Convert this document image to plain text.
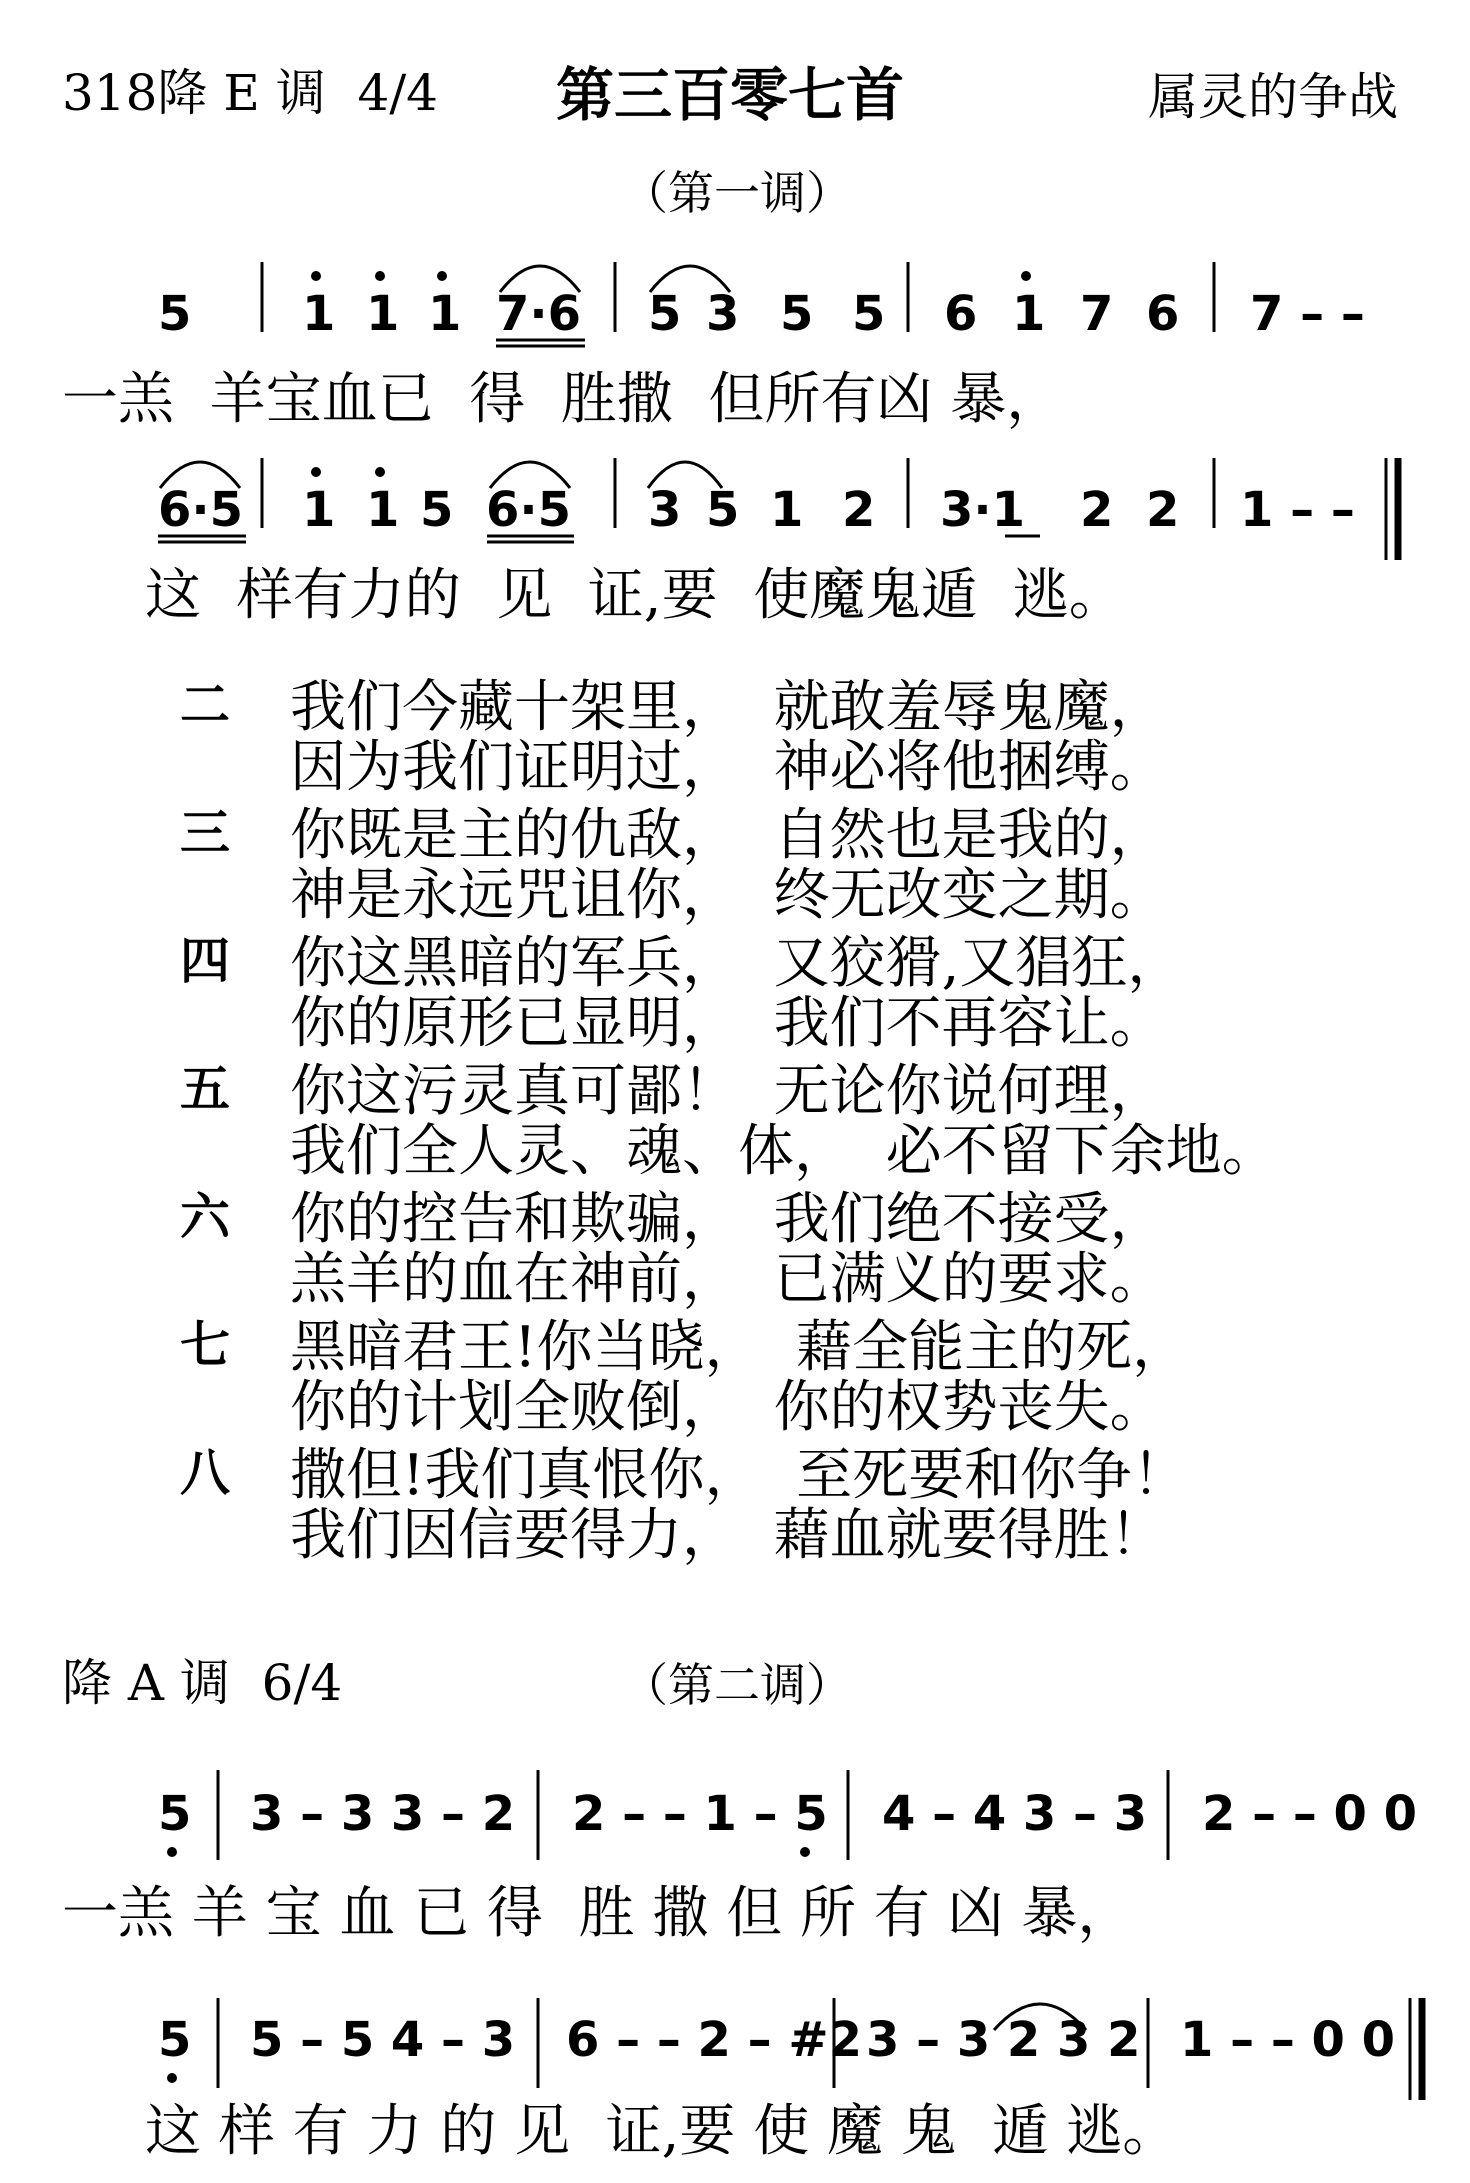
318降 E 调  4/4 第三百零七首	属灵的争战
（第一调）
5 1 1 1 7·6 5 3 5 5 6 1 7 6 7 – –
6·5 1 1 5 6·5 3 5 1 2 3·1 2 2 1 – –
一羔  羊宝血已  得  胜撒  但所有凶 暴，
这  样有力的  见  证,要  使魔鬼遁  逃。
二 我们今藏十架里，  就敢羞辱鬼魔，
因为我们证明过，  神必将他捆缚。
三 你既是主的仇敌，  自然也是我的，
神是永远咒诅你，  终无改变之期。
四 你这黑暗的军兵，  又狡猾,又猖狂，
你的原形已显明，  我们不再容让。
五 你这污灵真可鄙！  无论你说何理，
我们全人灵、魂、体，  必不留下余地。
六 你的控告和欺骗，  我们绝不接受，
羔羊的血在神前，  已满义的要求。
七 黑暗君王!你当晓，  藉全能主的死，
你的计划全败倒，  你的权势丧失。
八 撒但!我们真恨你，  至死要和你争！
我们因信要得力，  藉血就要得胜！
降 A 调  6/4	（第二调）
5 3 – 3 3 – 2 2 – – 1 – 5 4 – 4 3 – 3 2 – – 0 0
5 5 – 5 4 – 3 6 – – 2 – #2 3 – 3 2 3 2 1 – – 0 0
一羔 羊 宝 血 已 得  胜 撒 但 所 有 凶 暴，
这 样 有 力 的 见  证,要 使 魔 鬼  遁 逃。
